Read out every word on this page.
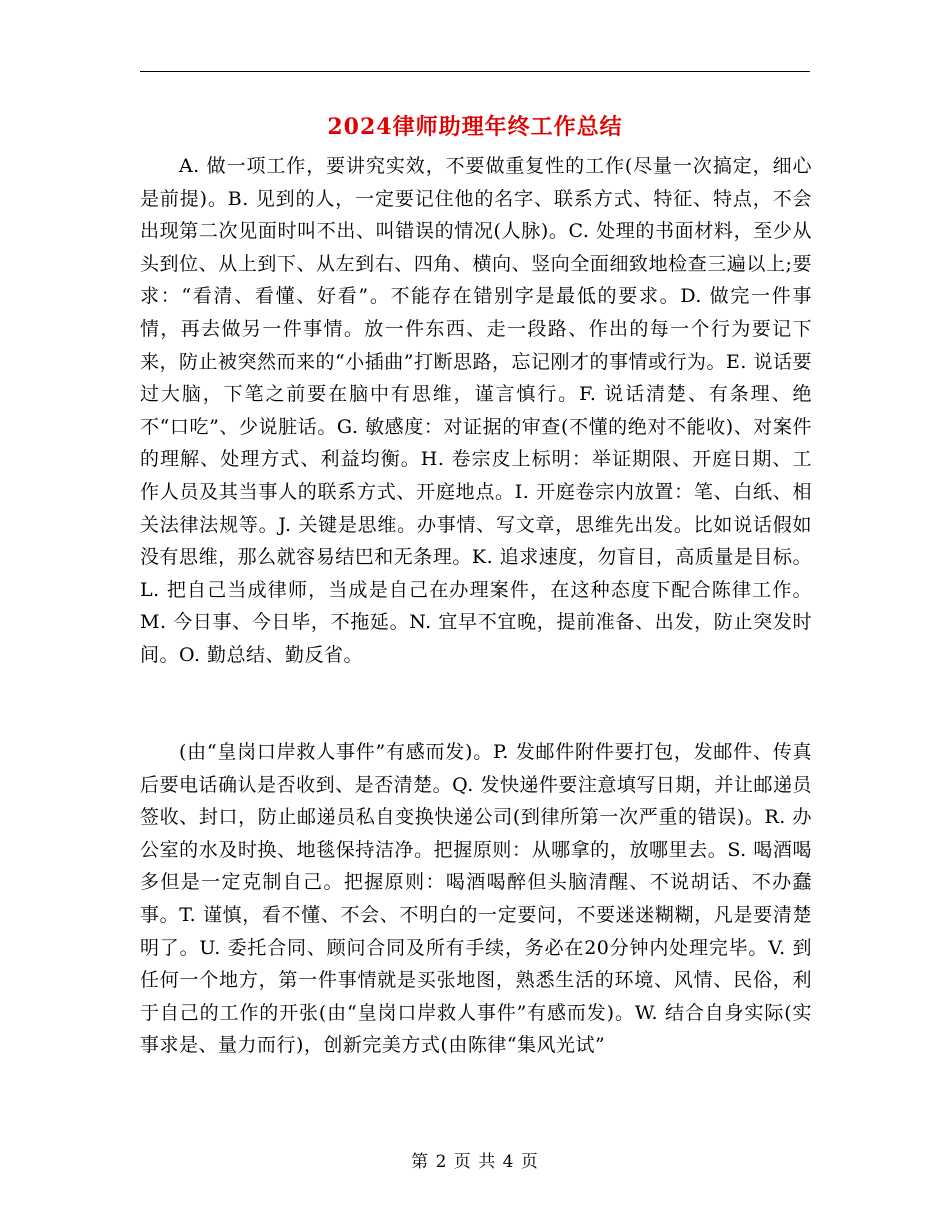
2024律师助理年终工作总结

A. 做一项工作，要讲究实效，不要做重复性的工作(尽量一次搞定，细心是前提)。B. 见到的人，一定要记住他的名字、联系方式、特征、特点，不会出现第二次见面时叫不出、叫错误的情况(人脉)。C. 处理的书面材料，至少从头到位、从上到下、从左到右、四角、横向、竖向全面细致地检查三遍以上;要求：“看清、看懂、好看”。不能存在错别字是最低的要求。D. 做完一件事情，再去做另一件事情。放一件东西、走一段路、作出的每一个行为要记下来，防止被突然而来的“小插曲”打断思路，忘记刚才的事情或行为。E. 说话要过大脑，下笔之前要在脑中有思维，谨言慎行。F. 说话清楚、有条理、绝不“口吃”、少说脏话。G. 敏感度：对证据的审查(不懂的绝对不能收)、对案件的理解、处理方式、利益均衡。H. 卷宗皮上标明：举证期限、开庭日期、工作人员及其当事人的联系方式、开庭地点。I. 开庭卷宗内放置：笔、白纸、相关法律法规等。J. 关键是思维。办事情、写文章，思维先出发。比如说话假如没有思维，那么就容易结巴和无条理。K. 追求速度，勿盲目，高质量是目标。L. 把自己当成律师，当成是自己在办理案件，在这种态度下配合陈律工作。M. 今日事、今日毕，不拖延。N. 宜早不宜晚，提前准备、出发，防止突发时间。O. 勤总结、勤反省。

(由“皇岗口岸救人事件”有感而发)。P. 发邮件附件要打包，发邮件、传真后要电话确认是否收到、是否清楚。Q. 发快递件要注意填写日期，并让邮递员签收、封口，防止邮递员私自变换快递公司(到律所第一次严重的错误)。R. 办公室的水及时换、地毯保持洁净。把握原则：从哪拿的，放哪里去。S. 喝酒喝多但是一定克制自己。把握原则：喝酒喝醉但头脑清醒、不说胡话、不办蠢事。T. 谨慎，看不懂、不会、不明白的一定要问，不要迷迷糊糊，凡是要清楚明了。U. 委托合同、顾问合同及所有手续，务必在20分钟内处理完毕。V. 到任何一个地方，第一件事情就是买张地图，熟悉生活的环境、风情、民俗，利于自己的工作的开张(由“皇岗口岸救人事件”有感而发)。W. 结合自身实际(实事求是、量力而行)，创新完美方式(由陈律“集风光试”

第 2 页 共 4 页
